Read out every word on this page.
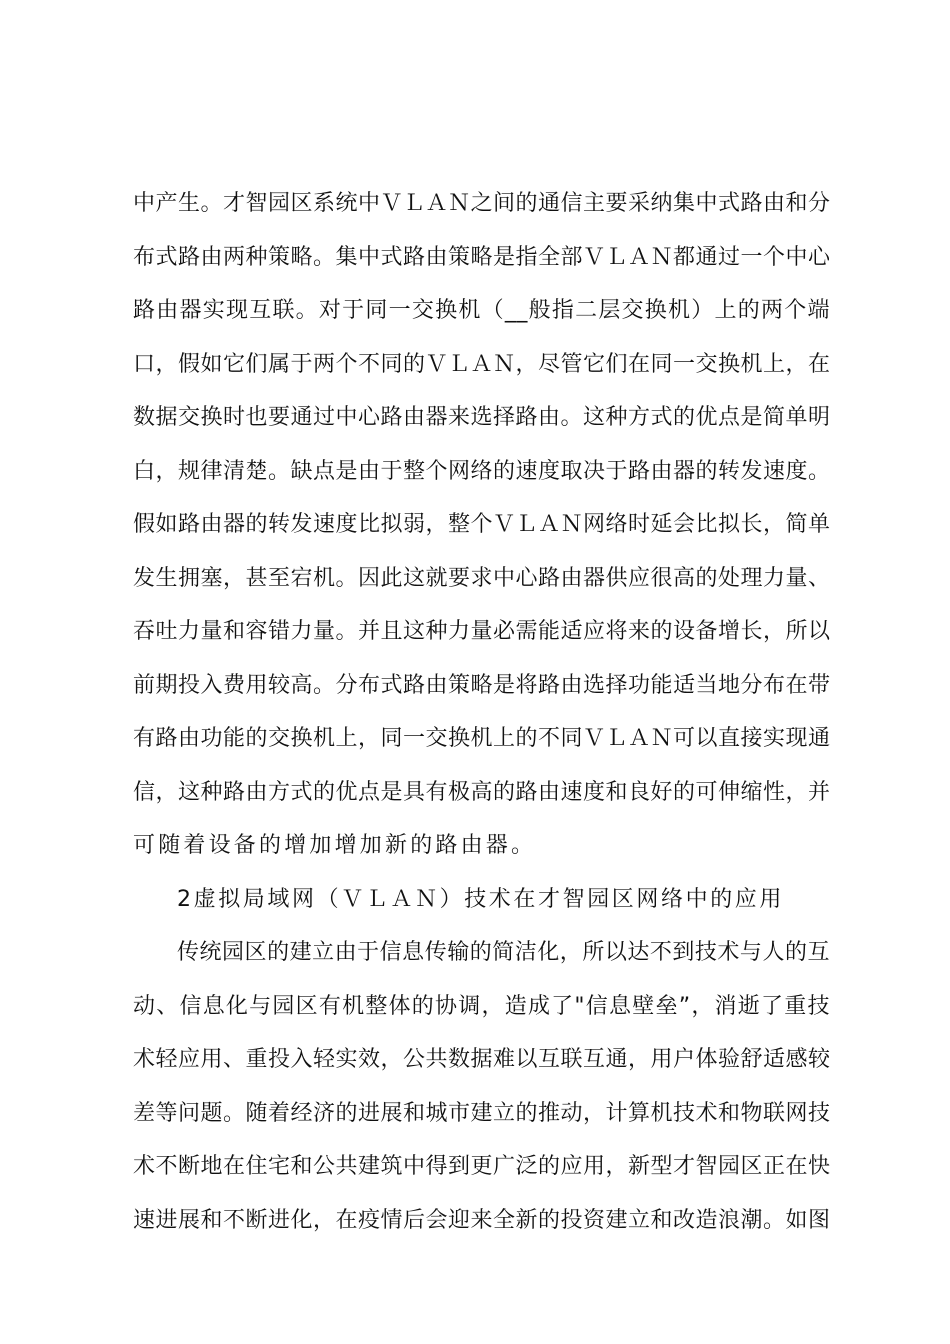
中产生。才智园区系统中ＶＬＡＮ之间的通信主要采纳集中式路由和分
布式路由两种策略。集中式路由策略是指全部ＶＬＡＮ都通过一个中心
路由器实现互联。对于同一交换机（__般指二层交换机）上的两个端
口，假如它们属于两个不同的ＶＬＡＮ，尽管它们在同一交换机上，在
数据交换时也要通过中心路由器来选择路由。这种方式的优点是简单明
白，规律清楚。缺点是由于整个网络的速度取决于路由器的转发速度。
假如路由器的转发速度比拟弱，整个ＶＬＡＮ网络时延会比拟长，简单
发生拥塞，甚至宕机。因此这就要求中心路由器供应很高的处理力量、
吞吐力量和容错力量。并且这种力量必需能适应将来的设备增长，所以
前期投入费用较高。分布式路由策略是将路由选择功能适当地分布在带
有路由功能的交换机上，同一交换机上的不同ＶＬＡＮ可以直接实现通
信，这种路由方式的优点是具有极高的路由速度和良好的可伸缩性，并
可随着设备的增加增加新的路由器。
2虚拟局域网（ＶＬＡＮ）技术在才智园区网络中的应用
传统园区的建立由于信息传输的简洁化，所以达不到技术与人的互
动、信息化与园区有机整体的协调，造成了"信息壁垒”，消逝了重技
术轻应用、重投入轻实效，公共数据难以互联互通，用户体验舒适感较
差等问题。随着经济的进展和城市建立的推动，计算机技术和物联网技
术不断地在住宅和公共建筑中得到更广泛的应用，新型才智园区正在快
速进展和不断进化，在疫情后会迎来全新的投资建立和改造浪潮。如图
